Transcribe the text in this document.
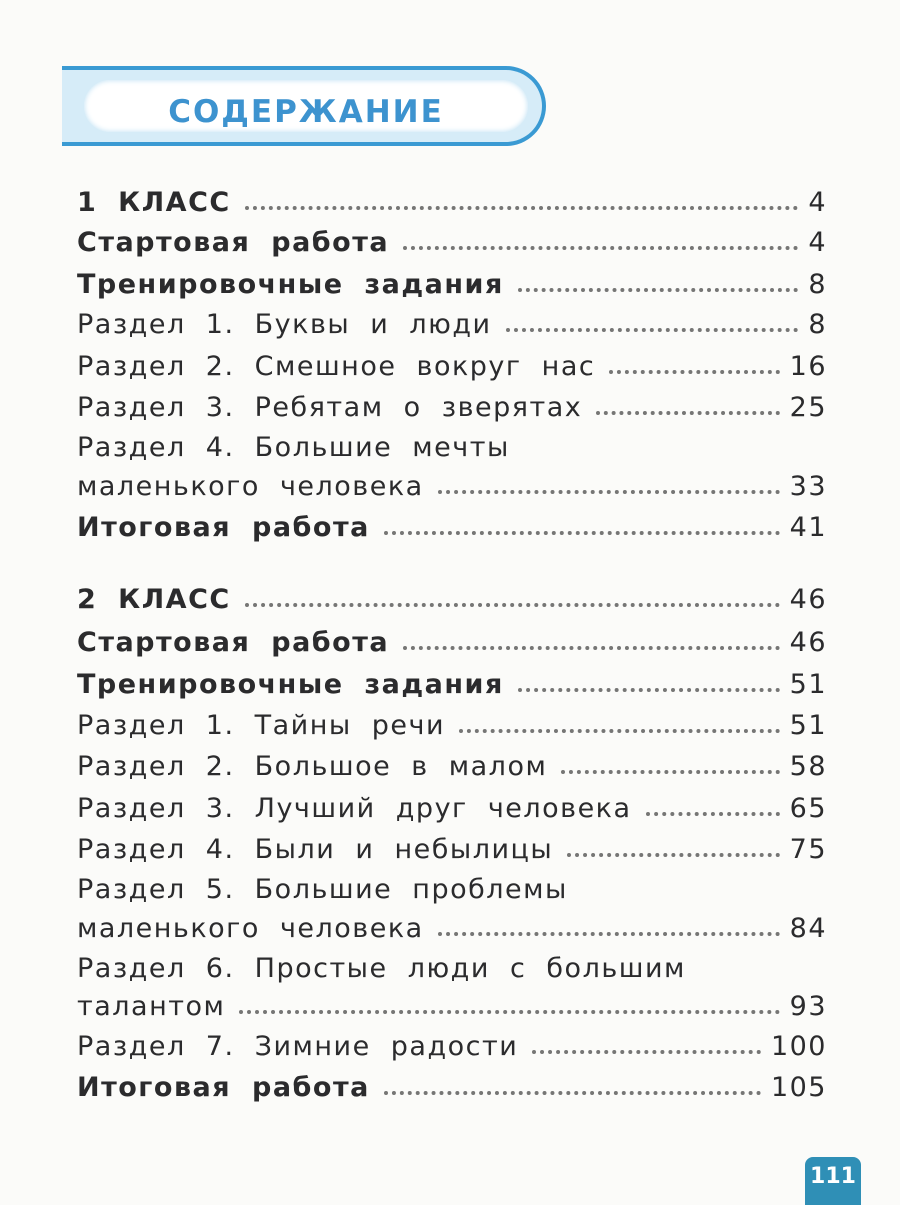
СОДЕРЖАНИЕ
1 КЛАСС	4
Стартовая работа	4
Тренировочные задания	8
Раздел 1. Буквы и люди	8
Раздел 2. Смешное вокруг нас	16
Раздел 3. Ребятам о зверятах	25
Раздел 4. Большие мечты
маленького человека	33
Итоговая работа	41
2 КЛАСС	46
Стартовая работа	46
Тренировочные задания	51
Раздел 1. Тайны речи	51
Раздел 2. Большое в малом	58
Раздел 3. Лучший друг человека	65
Раздел 4. Были и небылицы	75
Раздел 5. Большие проблемы
маленького человека	84
Раздел 6. Простые люди с большим
талантом	93
Раздел 7. Зимние радости	100
Итоговая работа	105
111
